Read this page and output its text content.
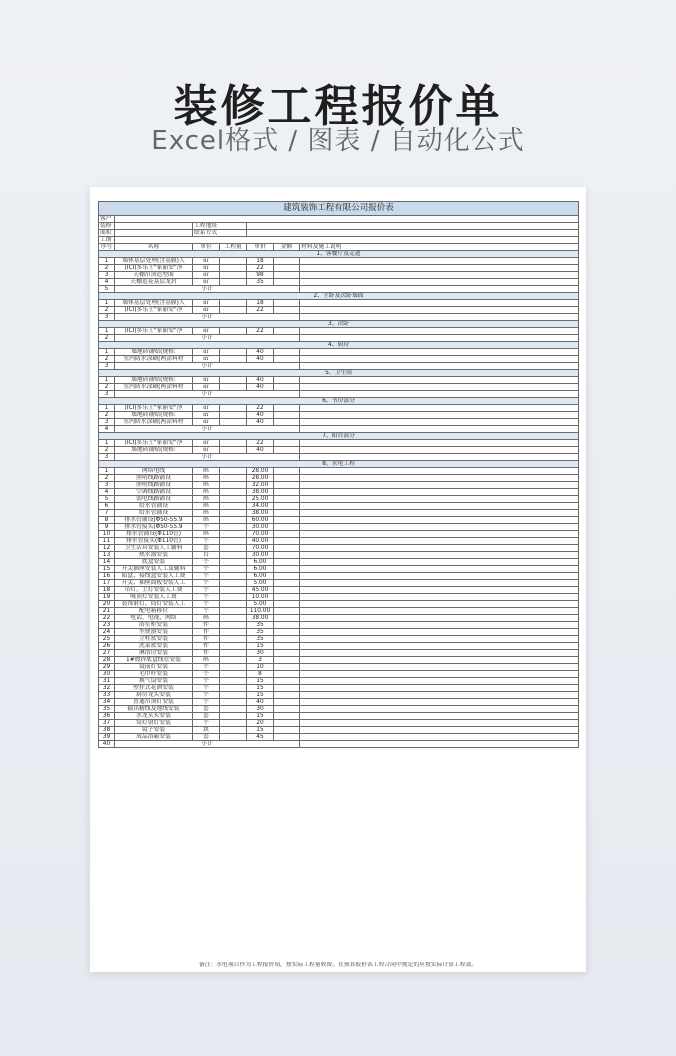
装修工程报价单
Excel格式 / 图表 / 自动化公式
建筑装饰工程有限公司报价表						
客户						
装修		工程地址				
面积		联系方式				
工期						
序号	名称	单位	工程量	单价	金额	材料及施工说明
1、客餐厅及走道						
1	墙体基层处理(含基膜)人	㎡		18		
2	(ICI)多乐士"家丽安"净	㎡		22		
3	天棚吊顶造型面	㎡		98		
4	天棚造花基层龙封	㎡		35		
5	小计					
2、主卧及次卧墙面						
1	墙体基层处理(含基膜)人	㎡		18		
2	(ICI)多乐士"家丽安"净	㎡		22		
3	小计					
3、次卧						
1	(ICI)多乐士"家丽安"净	㎡		22		
2	小计					
4、厨房						
1	墙地砖铺贴(规格:	㎡		40		
2	室内防水涂刷(两涂料材	㎡		40		
3	小计					
5、卫生间						
1	墙地砖铺贴(规格:	㎡		40		
2	室内防水涂刷(两涂料材	㎡		40		
3	小计					
6、书房部分						
1	(ICI)多乐士"家丽安"净	㎡		22		
2	墙地砖铺贴(规格:	㎡		40		
3	室内防水涂刷(两涂料材	㎡		40		
4	小计					
7、阳台部分						
1	(ICI)多乐士"家丽安"净	㎡		22		
2	墙地砖铺贴(规格:	㎡		40		
3	小计					
8、水电工程						
1	网络电线	m		28.00		
2	照明线路铺设	m		28.00		
3	照明线路铺设	m		32.00		
4	空调线路铺设	m		38.00		
5	弱电线路铺设	m		25.00		
6	给水管铺设	m		34.00		
7	给水管铺设	m		38.00		
8	排水管铺设(Φ50-55.9	m		60.00		
9	排水管接头(Φ50-55.9	个		30.00		
10	排水管铺设(Φ110管)	m		70.00		
11	排水管接头(Φ110管)	个		40.00		
12	卫生洁具安装人工辅料	套		70.00		
13	热水器安装	台		30.00		
14	底盒安装	个		6.00		
15	开关插座安装人工及辅料	个		6.00		
16	暗盒、接线盒安装人工费	个		6.00		
17	开关、插座面板安装人工	个		5.00		
18	吊灯、主灯安装人工费	个		45.00		
19	吸顶灯安装人工费	个		10.00		
20	装饰射灯、筒灯安装人工	个		5.00		
21	配电箱移位	个		110.00		
22	电话、电视、网络	m		38.00		
23	浴室柜安装	件		35		
24	坐便器安装	件		35		
25	立柱盆安装	件		35		
26	洗菜盆安装	件		15		
27	淋浴房安装	件		30		
28	1#镀锌底盒线管安装	m		3		
29	镜前灯安装	个		10		
30	毛巾杆安装	个		8		
31	换气扇安装	个		15		
32	壁挂式花洒安装	个		15		
33	厨房龙头安装	个		15		
34	普通吊顶灯安装	个		40		
35	输出精线及地线安装	套		30		
36	水龙头头安装	套		15		
37	筒灯射灯安装	个		20		
38	镜子安装	块		15		
39	成品浴霸安装	套		45		
40	小计					
备注：水电项目作为工程报价项，按实际工程量收费。在预算报价表工程合同中规定的应按实际计算工程款。
